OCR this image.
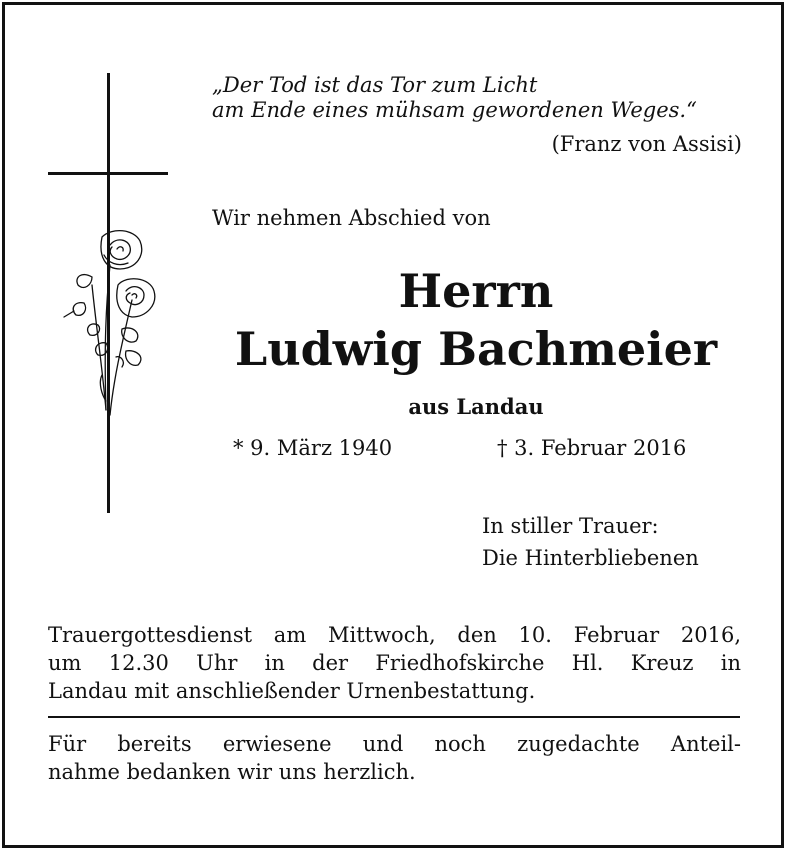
„Der Tod ist das Tor zum Licht
am Ende eines mühsam gewordenen Weges.“
(Franz von Assisi)
Wir nehmen Abschied von
Herrn
Ludwig Bachmeier
aus Landau
* 9. März 1940	† 3. Februar 2016
In stiller Trauer:
Die Hinterbliebenen
Trauergottesdienst am Mittwoch, den 10. Februar 2016,
um 12.30 Uhr in der Friedhofskirche Hl. Kreuz in
Landau mit anschließender Urnenbestattung.
Für bereits erwiesene und noch zugedachte Anteil-
nahme bedanken wir uns herzlich.
